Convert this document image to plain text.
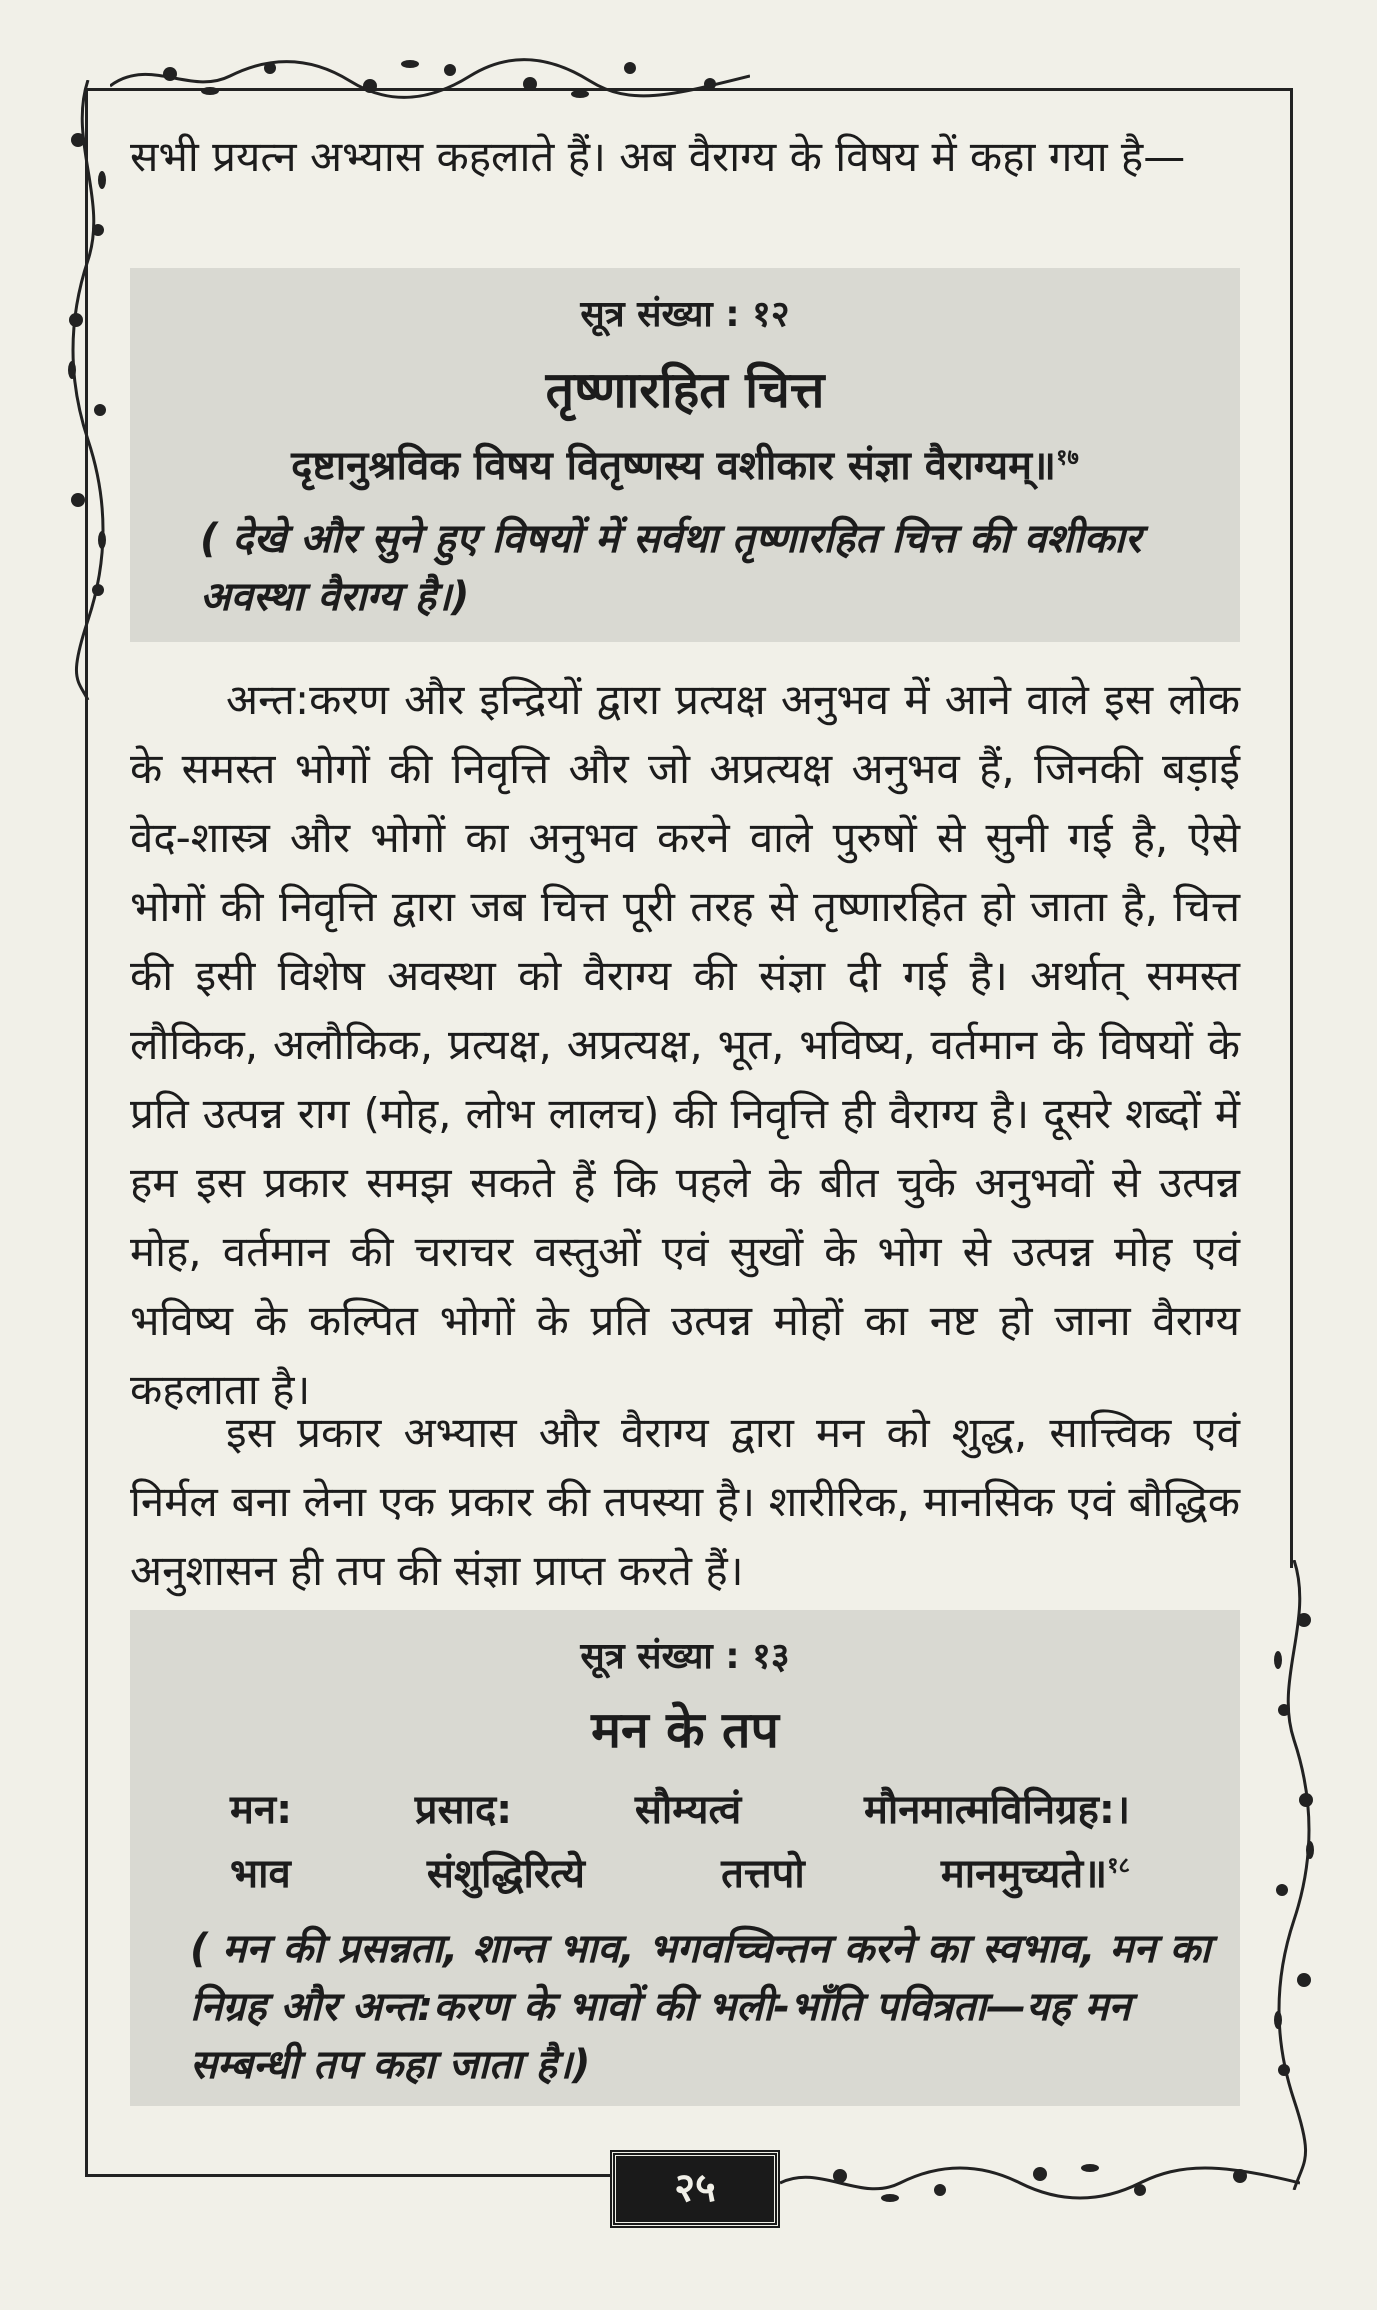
सभी प्रयत्न अभ्यास कहलाते हैं। अब वैराग्य के विषय में कहा गया है—
सूत्र संख्या : १२
तृष्णारहित चित्त
दृष्टानुश्रविक विषय वितृष्णस्य वशीकार संज्ञा वैराग्यम्॥$^{१७}$
( देखे और सुने हुए विषयों में सर्वथा तृष्णारहित चित्त की वशीकार अवस्था वैराग्य है।)
अन्त:करण और इन्द्रियों द्वारा प्रत्यक्ष अनुभव में आने वाले इस लोक के समस्त भोगों की निवृत्ति और जो अप्रत्यक्ष अनुभव हैं, जिनकी बड़ाई वेद-शास्त्र और भोगों का अनुभव करने वाले पुरुषों से सुनी गई है, ऐसे भोगों की निवृत्ति द्वारा जब चित्त पूरी तरह से तृष्णारहित हो जाता है, चित्त की इसी विशेष अवस्था को वैराग्य की संज्ञा दी गई है। अर्थात् समस्त लौकिक, अलौकिक, प्रत्यक्ष, अप्रत्यक्ष, भूत, भविष्य, वर्तमान के विषयों के प्रति उत्पन्न राग (मोह, लोभ लालच) की निवृत्ति ही वैराग्य है। दूसरे शब्दों में हम इस प्रकार समझ सकते हैं कि पहले के बीत चुके अनुभवों से उत्पन्न मोह, वर्तमान की चराचर वस्तुओं एवं सुखों के भोग से उत्पन्न मोह एवं भविष्य के कल्पित भोगों के प्रति उत्पन्न मोहों का नष्ट हो जाना वैराग्य कहलाता है।
इस प्रकार अभ्यास और वैराग्य द्वारा मन को शुद्ध, सात्त्विक एवं निर्मल बना लेना एक प्रकार की तपस्या है। शारीरिक, मानसिक एवं बौद्धिक अनुशासन ही तप की संज्ञा प्राप्त करते हैं।
सूत्र संख्या : १३
मन के तप
मन:	प्रसाद:	सौम्यत्वं	मौनमात्मविनिग्रह:।
भाव	संशुद्धिरित्येे	तत्तपो	मानमुच्यते॥$^{१८}$
( मन की प्रसन्नता, शान्त भाव, भगवच्चिन्तन करने का स्वभाव, मन का निग्रह और अन्त:करण के भावों की भली-भाँति पवित्रता—यह मन सम्बन्धी तप कहा जाता है।)
२५
